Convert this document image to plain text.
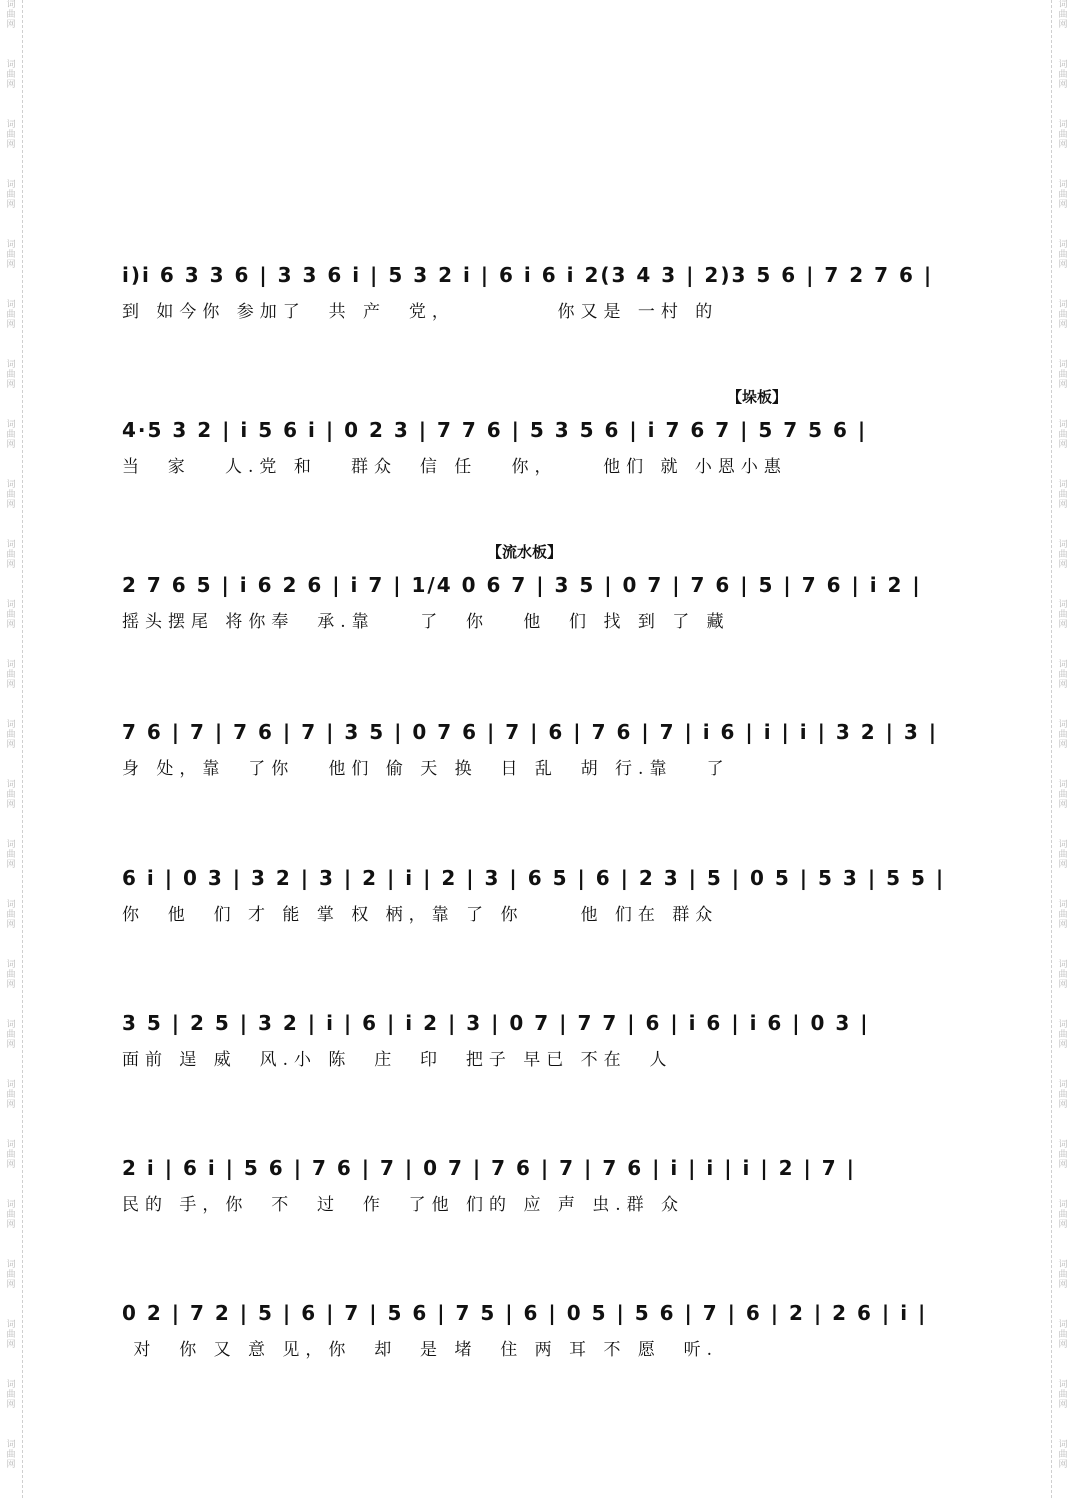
词
曲
网
词
曲
网
词
曲
网
词
曲
网
词
曲
网
词
曲
网
词
曲
网
词
曲
网
词
曲
网
词
曲
网
词
曲
网
词
曲
网
词
曲
网
词
曲
网
词
曲
网
词
曲
网
词
曲
网
词
曲
网
词
曲
网
词
曲
网
词
曲
网
词
曲
网
词
曲
网
词
曲
网
词
曲
网
词
曲
网
词
曲
网
词
曲
网
词
曲
网
词
曲
网
词
曲
网
词
曲
网
词
曲
网
词
曲
网
词
曲
网
词
曲
网
词
曲
网
词
曲
网
词
曲
网
词
曲
网
词
曲
网
词
曲
网
词
曲
网
词
曲
网
词
曲
网
词
曲
网
词
曲
网
词
曲
网
词
曲
网
词
曲
网
i)i 6 3 3 6 | 3 3 6 i | 5 3 2 i | 6 i 6 i 2(3 4 3 | 2)3 5 6 | 7 2 7 6 |
到 如今你 参加了  共 产  党，         你又是 一村 的
【垛板】
4·5 3 2 | i 5 6 i | 0 2 3 | 7 7 6 | 5 3 5 6 | i 7 6 7 | 5 7 5 6 |
当  家   人.党 和   群众  信 任   你，    他们 就 小恩小惠
【流水板】
2 7 6 5 | i 6 2 6 | i 7 | 1/4 0 6 7 | 3 5 | 0 7 | 7 6 | 5 | 7 6 | i 2 |
摇头摆尾 将你奉  承.靠    了  你   他  们 找 到 了 藏
7 6 | 7 | 7 6 | 7 | 3 5 | 0 7 6 | 7 | 6 | 7 6 | 7 | i 6 | i | i | 3 2 | 3 |
身 处，靠  了你   他们 偷 天 换  日 乱  胡 行.靠   了
6 i | 0 3 | 3 2 | 3 | 2 | i | 2 | 3 | 6 5 | 6 | 2 3 | 5 | 0 5 | 5 3 | 5 5 |
你  他  们 才 能 掌 权 柄，靠 了 你     他 们在 群众
3 5 | 2 5 | 3 2 | i | 6 | i 2 | 3 | 0 7 | 7 7 | 6 | i 6 | i 6 | 0 3 |
面前 逞 威  风.小 陈  庄  印  把子 早已 不在  人
2 i | 6 i | 5 6 | 7 6 | 7 | 0 7 | 7 6 | 7 | 7 6 | i | i | i | 2 | 7 |
民的 手，你  不  过  作  了他 们的 应 声 虫.群 众
0 2 | 7 2 | 5 | 6 | 7 | 5 6 | 7 5 | 6 | 0 5 | 5 6 | 7 | 6 | 2 | 2 6 | i |
对  你 又 意 见，你  却  是 堵  住 两 耳 不 愿  听.
